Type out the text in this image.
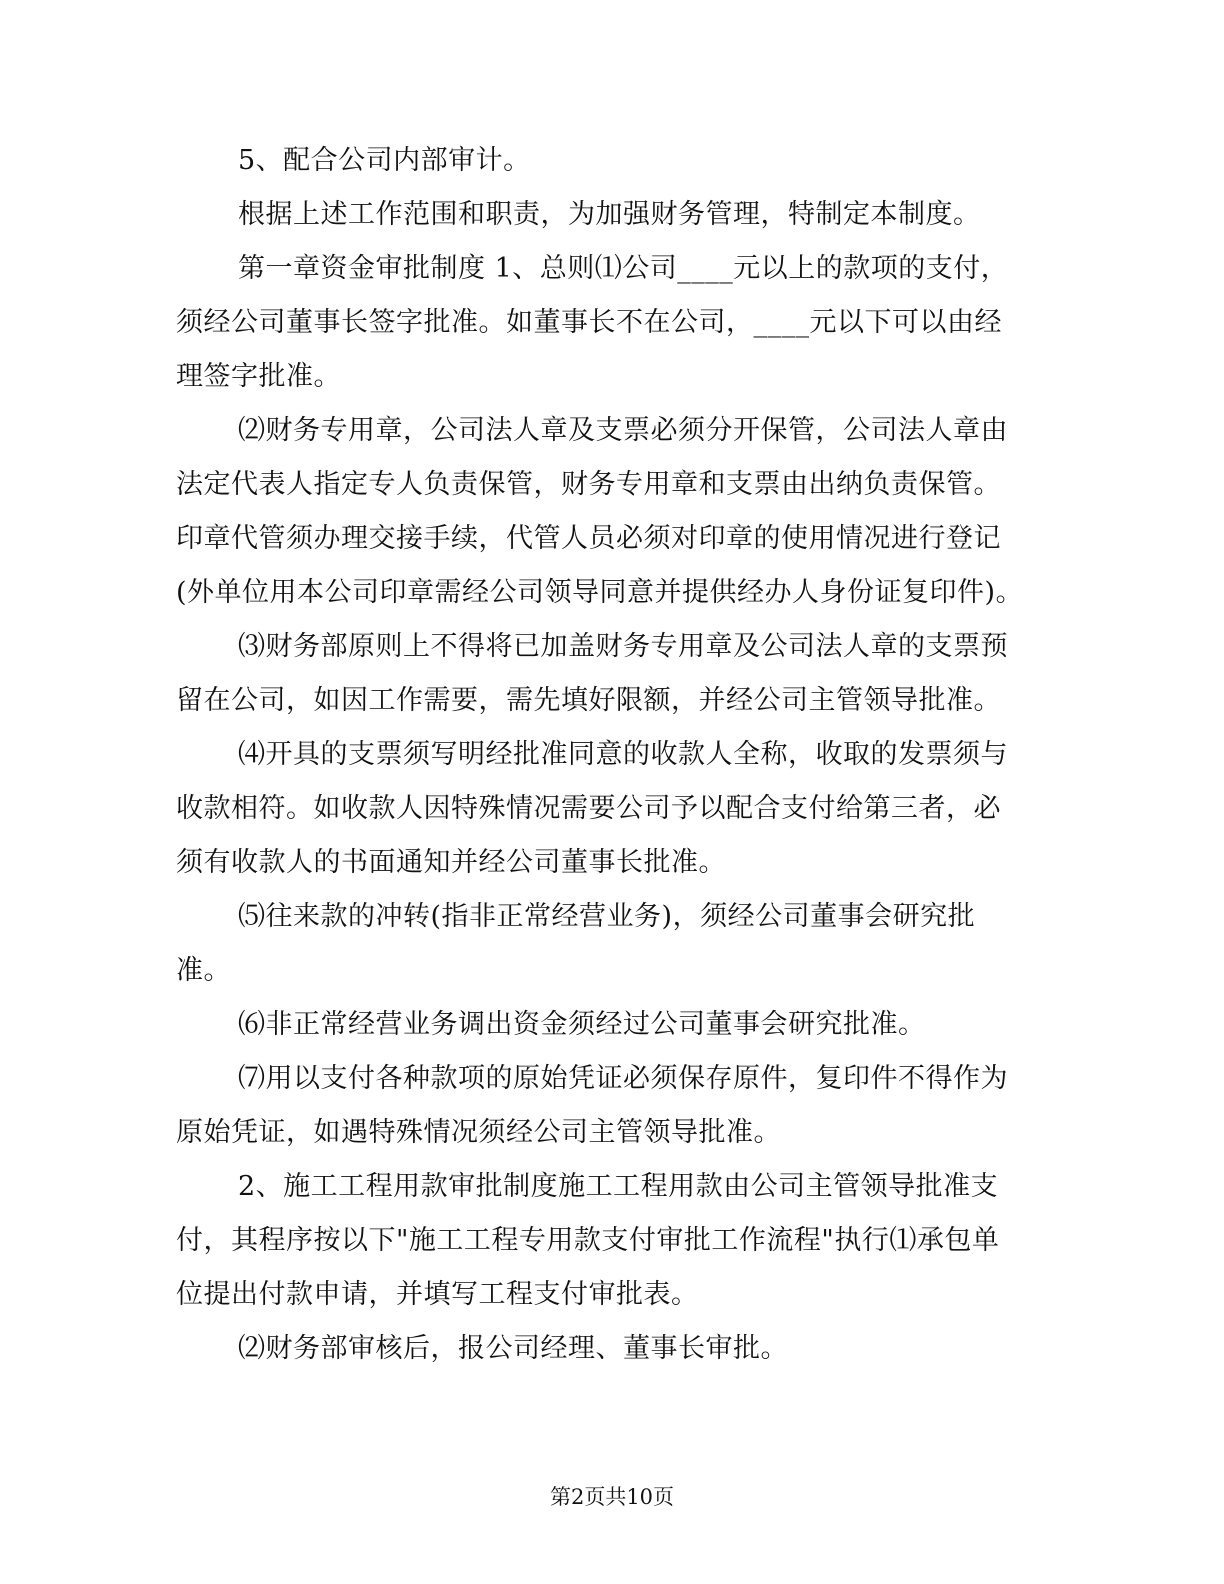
5、配合公司内部审计。

根据上述工作范围和职责，为加强财务管理，特制定本制度。

第一章资金审批制度 1、总则⑴公司____元以上的款项的支付，须经公司董事长签字批准。如董事长不在公司，____元以下可以由经理签字批准。

⑵财务专用章，公司法人章及支票必须分开保管，公司法人章由法定代表人指定专人负责保管，财务专用章和支票由出纳负责保管。印章代管须办理交接手续，代管人员必须对印章的使用情况进行登记(外单位用本公司印章需经公司领导同意并提供经办人身份证复印件)。

⑶财务部原则上不得将已加盖财务专用章及公司法人章的支票预留在公司，如因工作需要，需先填好限额，并经公司主管领导批准。

⑷开具的支票须写明经批准同意的收款人全称，收取的发票须与收款相符。如收款人因特殊情况需要公司予以配合支付给第三者，必须有收款人的书面通知并经公司董事长批准。

⑸往来款的冲转(指非正常经营业务)，须经公司董事会研究批准。

⑹非正常经营业务调出资金须经过公司董事会研究批准。

⑺用以支付各种款项的原始凭证必须保存原件，复印件不得作为原始凭证，如遇特殊情况须经公司主管领导批准。

2、施工工程用款审批制度施工工程用款由公司主管领导批准支付，其程序按以下"施工工程专用款支付审批工作流程"执行⑴承包单位提出付款申请，并填写工程支付审批表。

⑵财务部审核后，报公司经理、董事长审批。

第2页共10页
